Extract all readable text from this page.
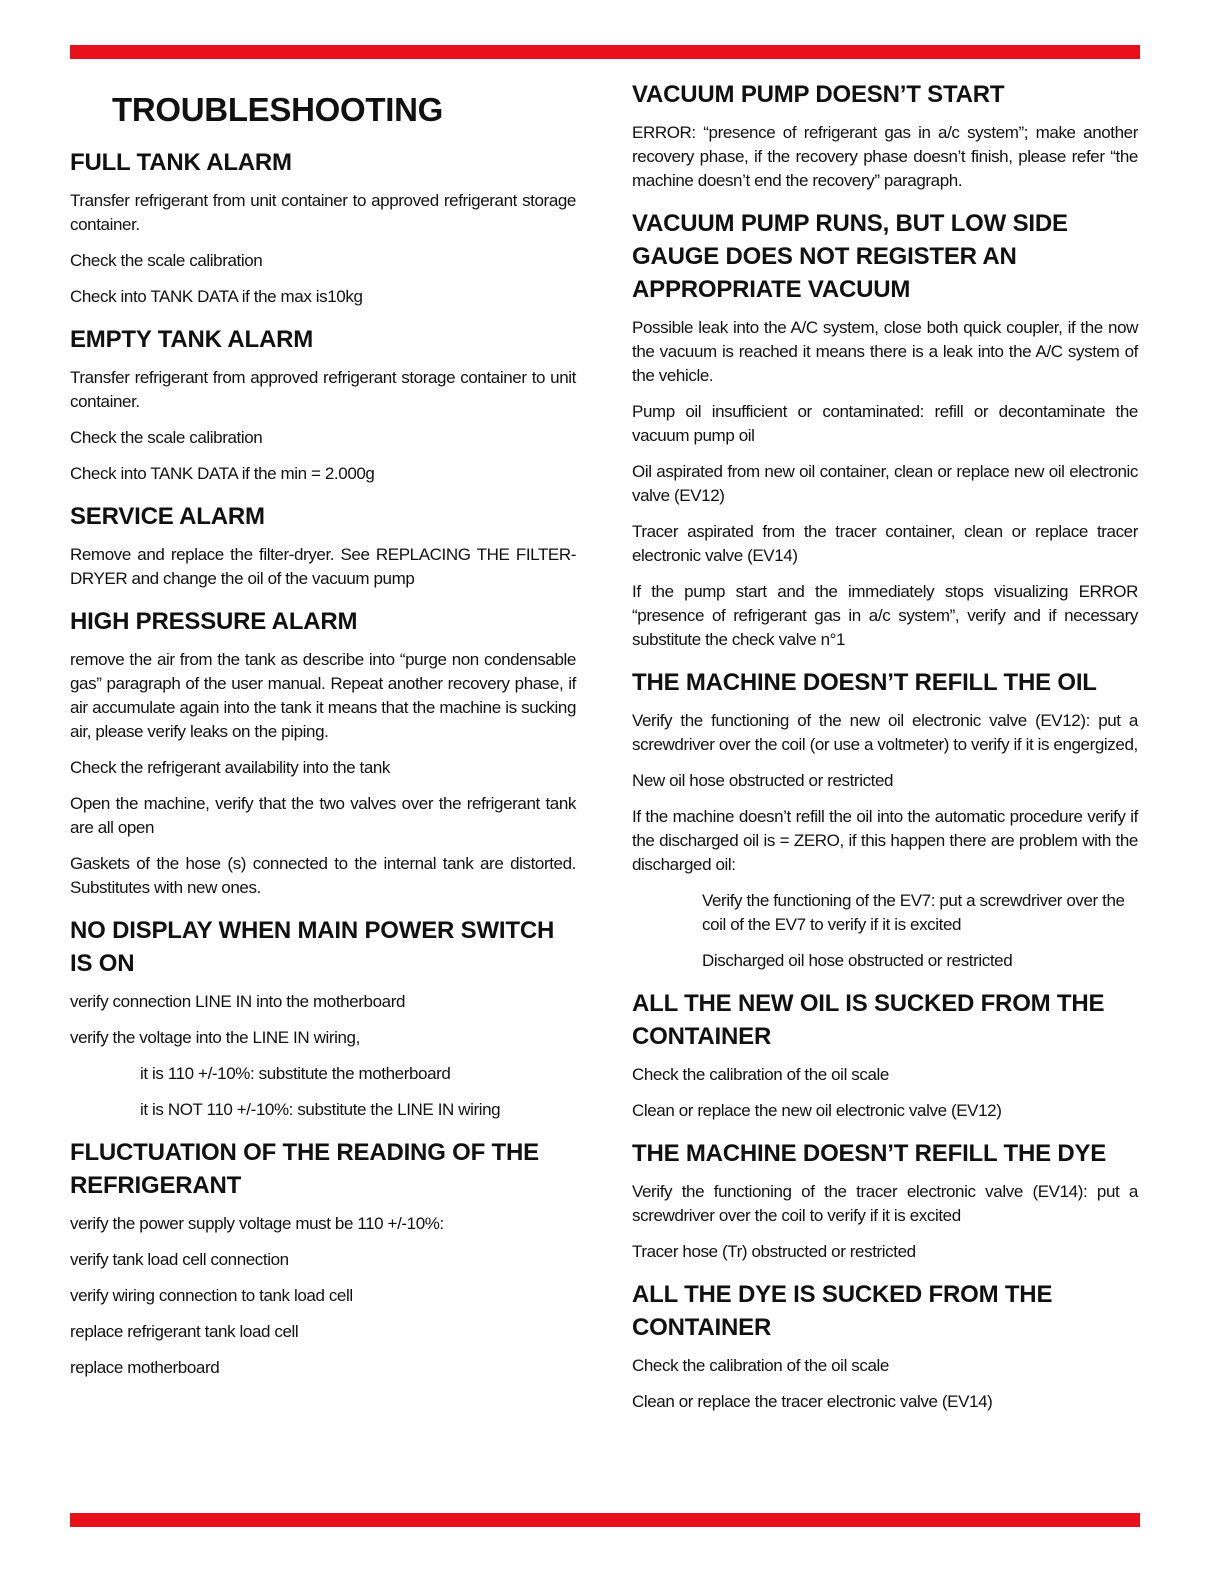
TROUBLESHOOTING
FULL TANK ALARM

Transfer refrigerant from unit container to approved refrigerant storage container.

Check the scale calibration

Check into TANK DATA if the max is10kg

EMPTY TANK ALARM

Transfer refrigerant from approved refrigerant storage container to unit container.

Check the scale calibration

Check into TANK DATA if the min = 2.000g

SERVICE ALARM

Remove and replace the filter-dryer. See REPLACING THE FILTER-DRYER and change the oil of the vacuum pump

HIGH PRESSURE ALARM

remove the air from the tank as describe into “purge non condensable gas” paragraph of the user manual. Repeat another recovery phase, if air accumulate again into the tank it means that the machine is sucking air, please verify leaks on the piping.

Check the refrigerant availability into the tank

Open the machine, verify that the two valves over the refrigerant tank are all open

Gaskets of the hose (s) connected to the internal tank are distorted. Substitutes with new ones.

NO DISPLAY WHEN MAIN POWER SWITCH IS ON

verify connection LINE IN into the motherboard

verify the voltage into the LINE IN wiring,

it is 110 +/-10%: substitute the motherboard

it is NOT 110 +/-10%: substitute the LINE IN wiring

FLUCTUATION OF THE READING OF THE REFRIGERANT

verify the power supply voltage must be 110 +/-10%:

verify tank load cell connection

verify wiring connection to tank load cell

replace refrigerant tank load cell

replace motherboard

VACUUM PUMP DOESN’T START

ERROR: “presence of refrigerant gas in a/c system”; make another recovery phase, if the recovery phase doesn’t finish, please refer “the machine doesn’t end the recovery” paragraph.

VACUUM PUMP RUNS, BUT LOW SIDE GAUGE DOES NOT REGISTER AN APPROPRIATE VACUUM

Possible leak into the A/C system, close both quick coupler, if the now the vacuum is reached it means there is a leak into the A/C system of the vehicle.

Pump oil insufficient or contaminated: refill or decontaminate the vacuum pump oil

Oil aspirated from new oil container, clean or replace new oil electronic valve (EV12)

Tracer aspirated from the tracer container, clean or replace tracer electronic valve (EV14)

If the pump start and the immediately stops visualizing ERROR “presence of refrigerant gas in a/c system”, verify and if necessary substitute the check valve n°1

THE MACHINE DOESN’T REFILL THE OIL

Verify the functioning of the new oil electronic valve (EV12): put a screwdriver over the coil (or use a voltmeter) to verify if it is engergized,

New oil hose obstructed or restricted

If the machine doesn’t refill the oil into the automatic procedure verify if the discharged oil is = ZERO, if this happen there are problem with the discharged oil:

Verify the functioning of the EV7: put a screwdriver over the coil of the EV7 to verify if it is excited

Discharged oil hose obstructed or restricted

ALL THE NEW OIL IS SUCKED FROM THE CONTAINER

Check the calibration of the oil scale

Clean or replace the new oil electronic valve (EV12)

THE MACHINE DOESN’T REFILL THE DYE

Verify the functioning of the tracer electronic valve (EV14): put a screwdriver over the coil to verify if it is excited

Tracer hose (Tr) obstructed or restricted

ALL THE DYE IS SUCKED FROM THE CONTAINER

Check the calibration of the oil scale

Clean or replace the tracer electronic valve (EV14)
